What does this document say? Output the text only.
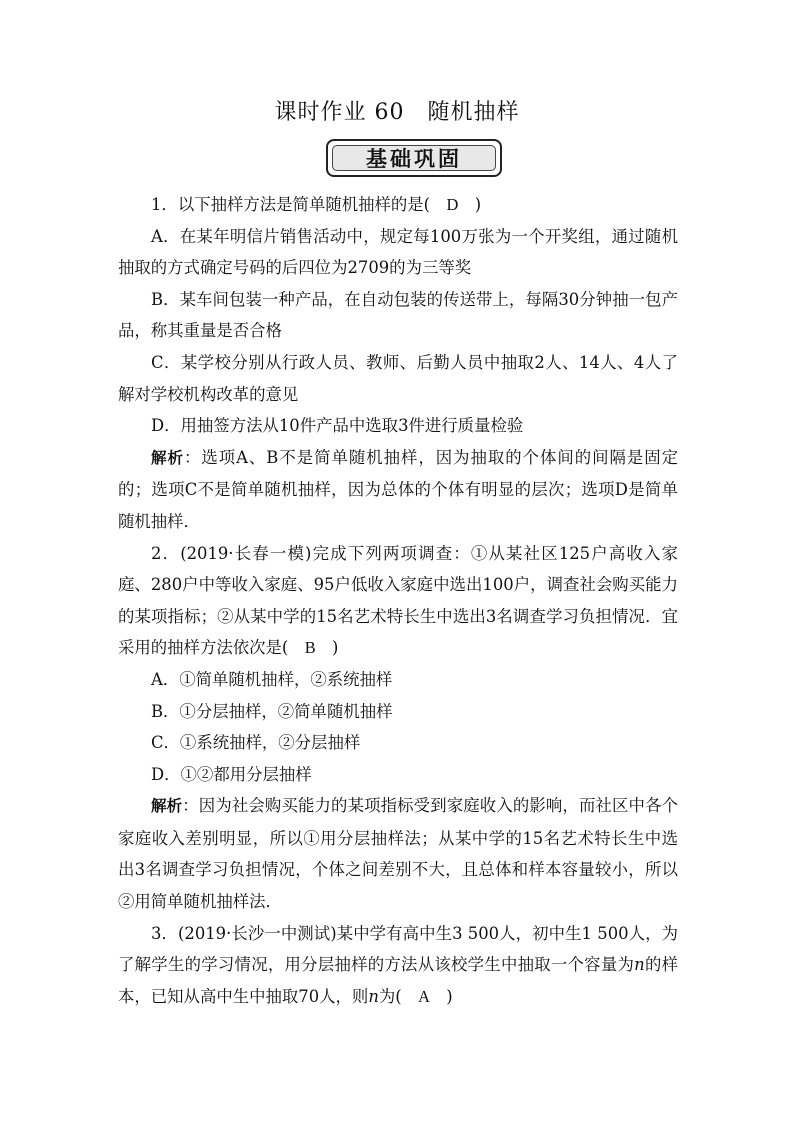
课时作业 60　随机抽样
基础巩固

1．以下抽样方法是简单随机抽样的是(　D　)

A．在某年明信片销售活动中，规定每100万张为一个开奖组，通过随机抽取的方式确定号码的后四位为2709的为三等奖

B．某车间包装一种产品，在自动包装的传送带上，每隔30分钟抽一包产品，称其重量是否合格

C．某学校分别从行政人员、教师、后勤人员中抽取2人、14人、4人了解对学校机构改革的意见

D．用抽签方法从10件产品中选取3件进行质量检验

解析：选项A、B不是简单随机抽样，因为抽取的个体间的间隔是固定的；选项C不是简单随机抽样，因为总体的个体有明显的层次；选项D是简单随机抽样．

2．(2019·长春一模)完成下列两项调查：①从某社区125户高收入家庭、280户中等收入家庭、95户低收入家庭中选出100户，调查社会购买能力的某项指标；②从某中学的15名艺术特长生中选出3名调查学习负担情况．宜采用的抽样方法依次是(　B　)

A．①简单随机抽样，②系统抽样

B．①分层抽样，②简单随机抽样

C．①系统抽样，②分层抽样

D．①②都用分层抽样

解析：因为社会购买能力的某项指标受到家庭收入的影响，而社区中各个家庭收入差别明显，所以①用分层抽样法；从某中学的15名艺术特长生中选出3名调查学习负担情况，个体之间差别不大，且总体和样本容量较小，所以②用简单随机抽样法．

3．(2019·长沙一中测试)某中学有高中生3 500人，初中生1 500人，为了解学生的学习情况，用分层抽样的方法从该校学生中抽取一个容量为n的样本，已知从高中生中抽取70人，则n为(　A　)
